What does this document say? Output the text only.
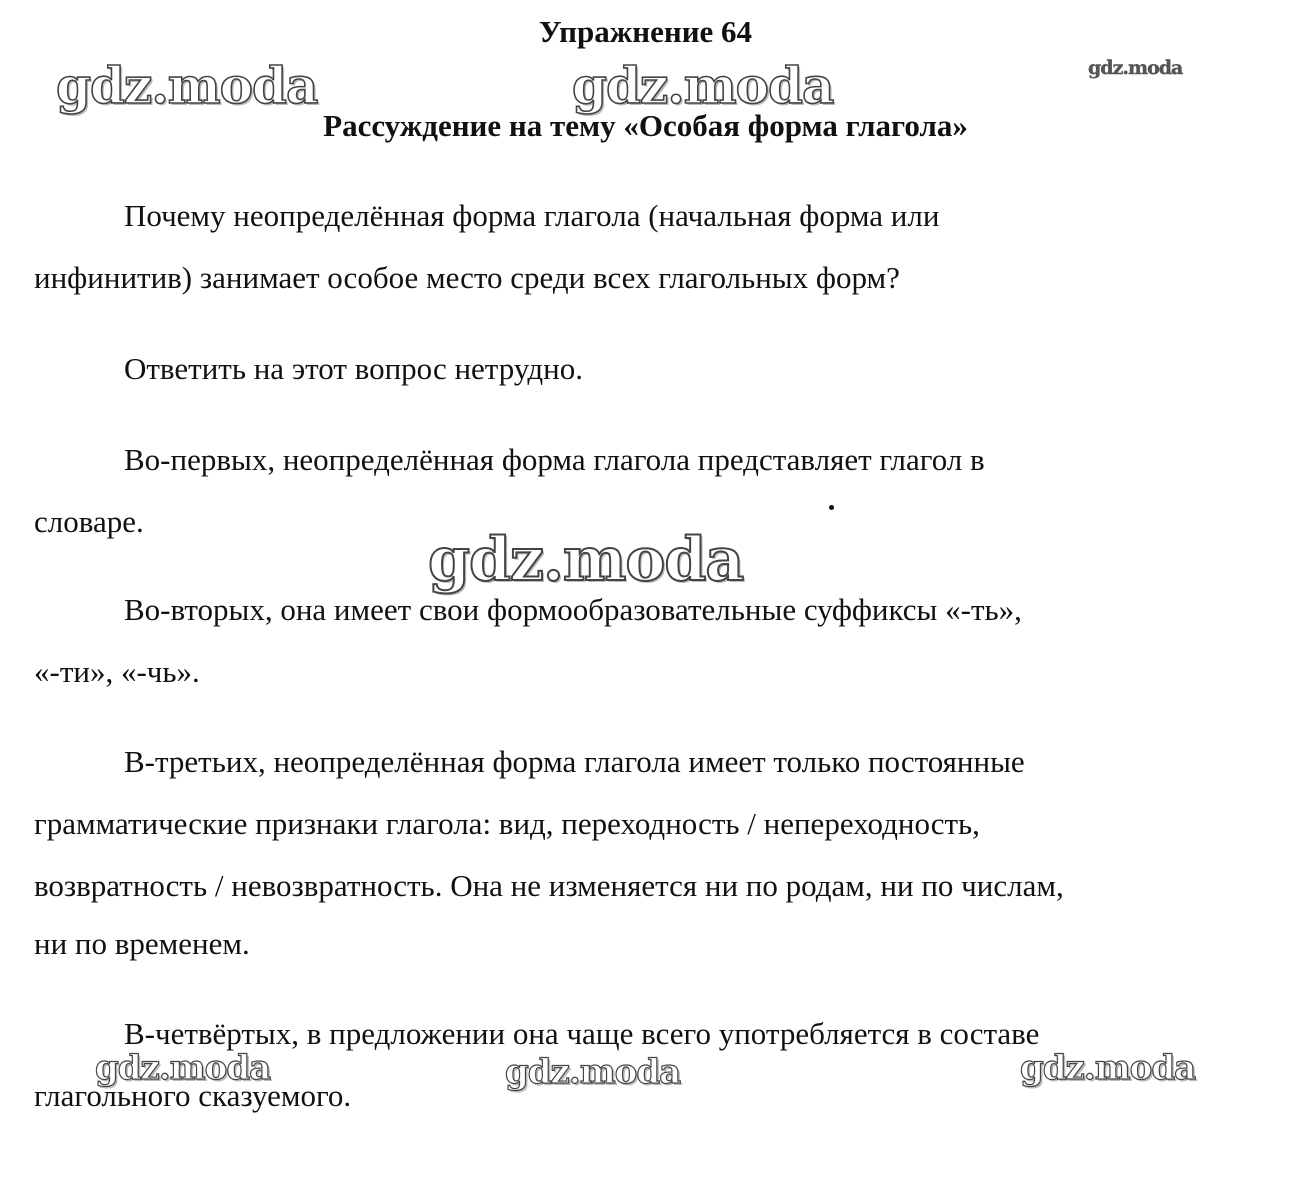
gdz.moda	gdz.moda	gdz.moda
gdz.moda
gdz.moda	gdz.moda	gdz.moda
Упражнение 64
Рассуждение на тему «Особая форма глагола»

Почему неопределённая форма глагола (начальная форма или

инфинитив) занимает особое место среди всех глагольных форм?

Ответить на этот вопрос нетрудно.

Во-первых, неопределённая форма глагола представляет глагол в

словаре.

Во-вторых, она имеет свои формообразовательные суффиксы «-ть»,

«-ти», «-чь».

В-третьих, неопределённая форма глагола имеет только постоянные

грамматические признаки глагола: вид, переходность / непереходность,

возвратность / невозвратность. Она не изменяется ни по родам, ни по числам,

ни по временем.

В-четвёртых, в предложении она чаще всего употребляется в составе

глагольного сказуемого.
